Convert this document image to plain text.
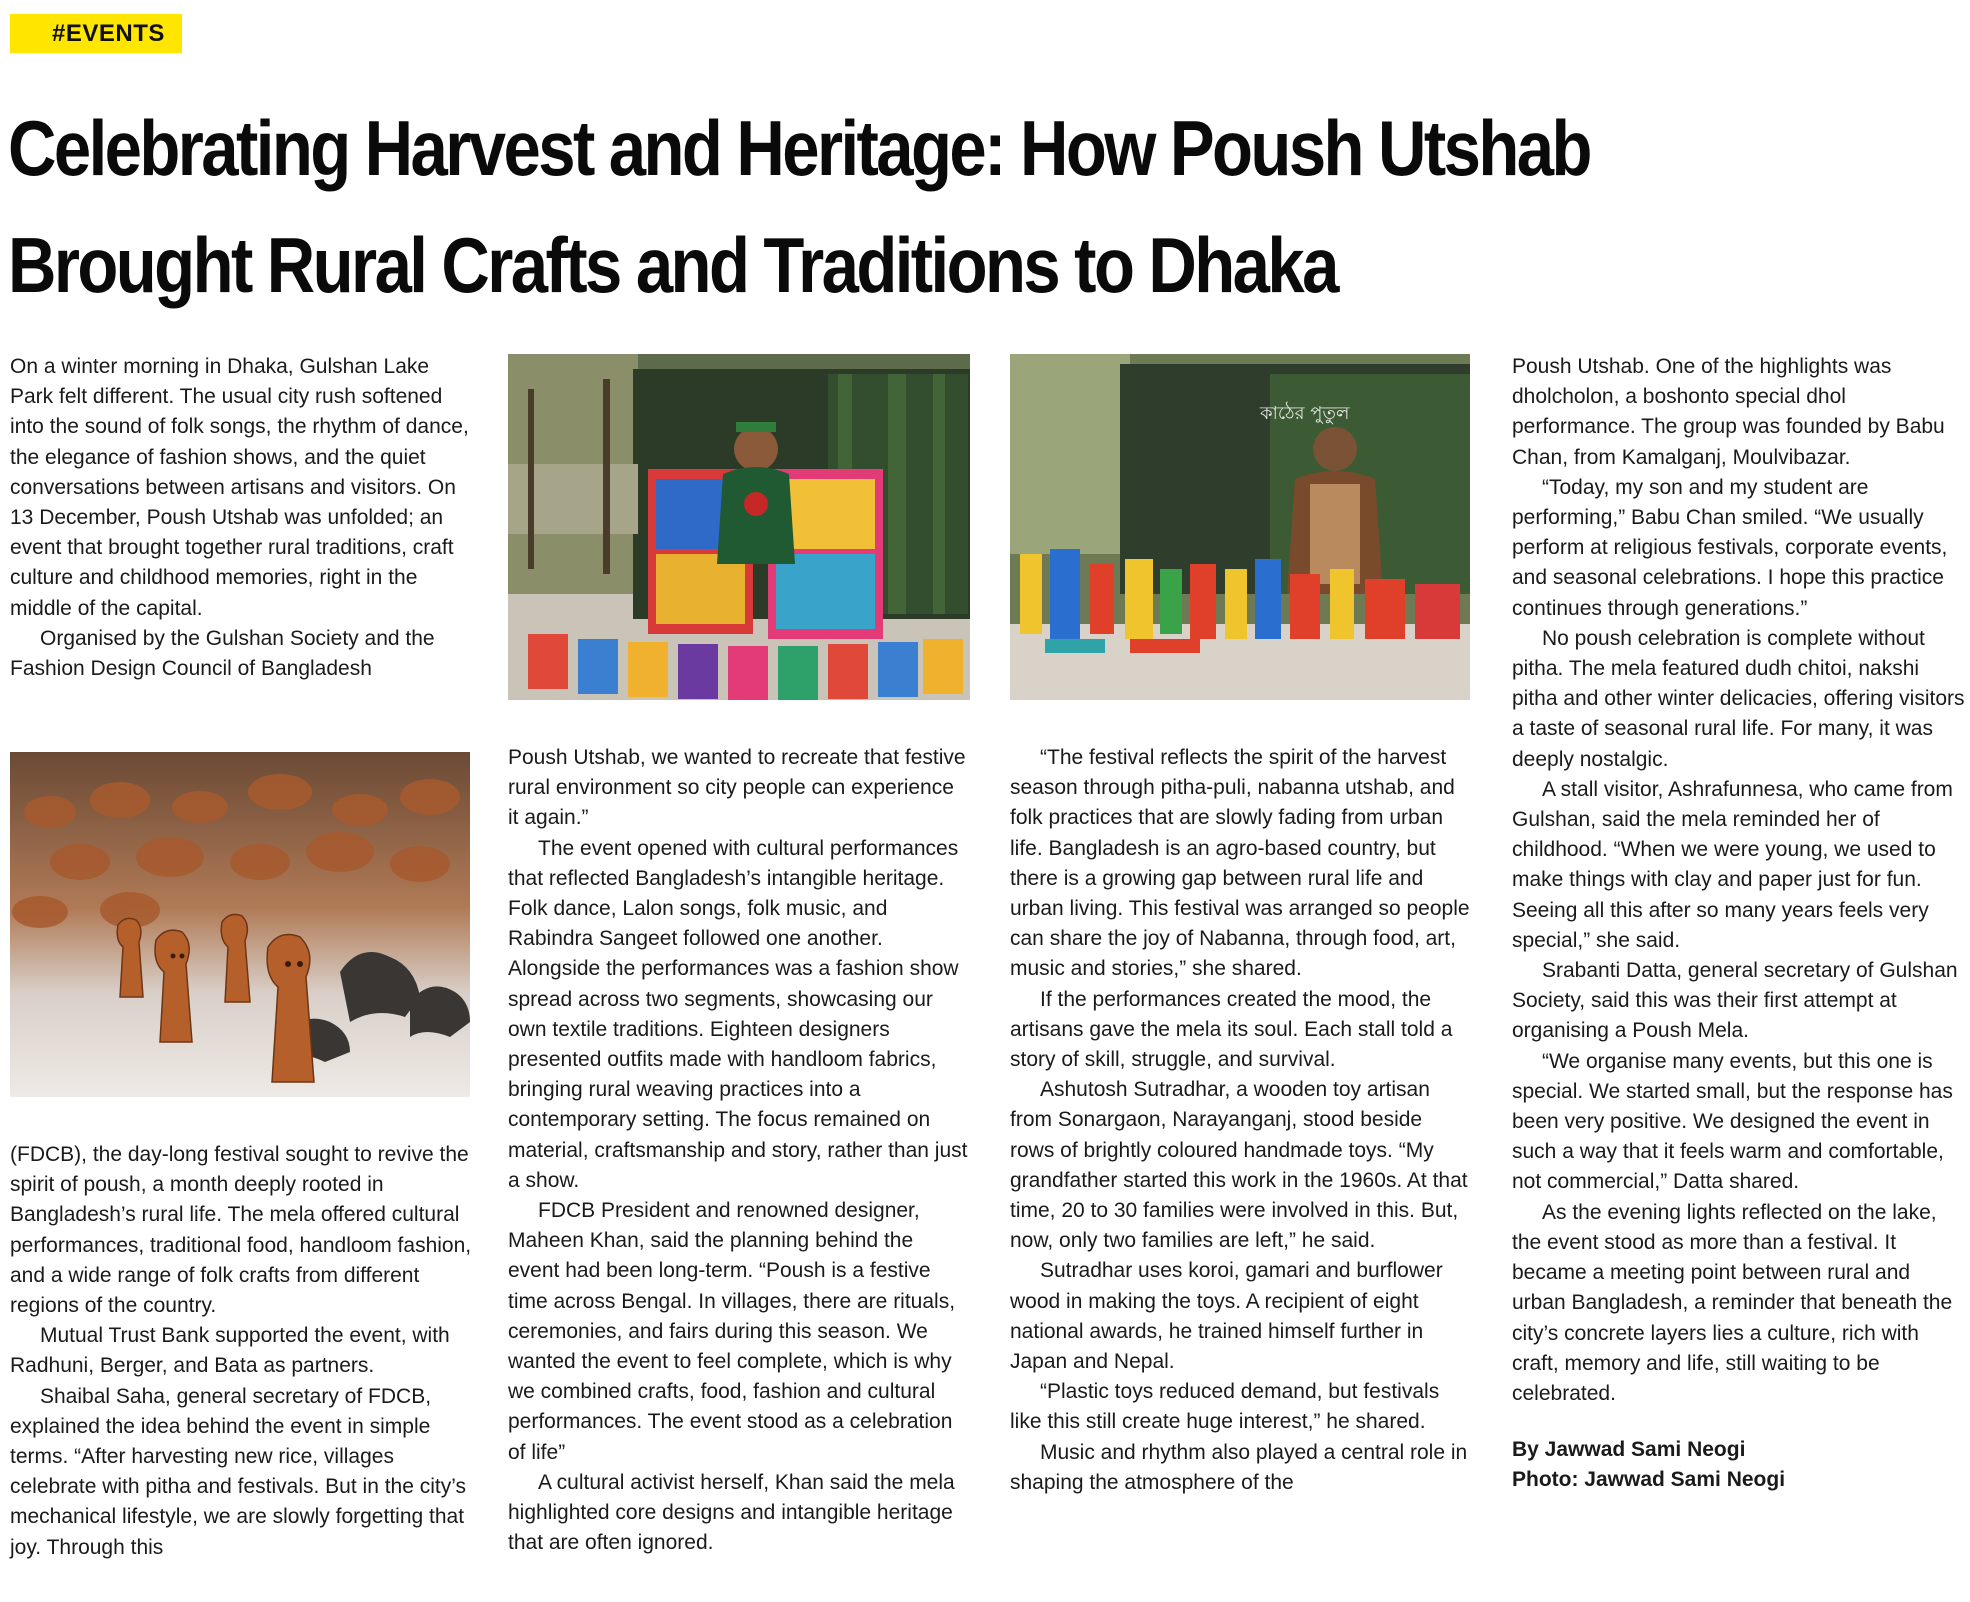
#EVENTS
Celebrating Harvest and Heritage: How Poush Utshab
Brought Rural Crafts and Traditions to Dhaka

On a winter morning in Dhaka, Gulshan Lake Park felt different. The usual city rush softened into the sound of folk songs, the rhythm of dance, the elegance of fashion shows, and the quiet conversations between artisans and visitors. On 13 December, Poush Utshab was unfolded; an event that brought together rural traditions, craft culture and childhood memories, right in the middle of the capital.

Organised by the Gulshan Society and the Fashion Design Council of Bangladesh

(FDCB), the day-long festival sought to revive the spirit of poush, a month deeply rooted in Bangladesh’s rural life. The mela offered cultural performances, traditional food, handloom fashion, and a wide range of folk crafts from different regions of the country.

Mutual Trust Bank supported the event, with Radhuni, Berger, and Bata as partners.

Shaibal Saha, general secretary of FDCB, explained the idea behind the event in simple terms. “After harvesting new rice, villages celebrate with pitha and festivals. But in the city’s mechanical lifestyle, we are slowly forgetting that joy. Through this

Poush Utshab, we wanted to recreate that festive rural environment so city people can experience it again.”

The event opened with cultural performances that reflected Bangladesh’s intangible heritage. Folk dance, Lalon songs, folk music, and Rabindra Sangeet followed one another. Alongside the performances was a fashion show spread across two segments, showcasing our own textile traditions. Eighteen designers presented outfits made with handloom fabrics, bringing rural weaving practices into a contemporary setting. The focus remained on material, craftsmanship and story, rather than just a show.

FDCB President and renowned designer, Maheen Khan, said the planning behind the event had been long-term. “Poush is a festive time across Bengal. In villages, there are rituals, ceremonies, and fairs during this season. We wanted the event to feel complete, which is why we combined crafts, food, fashion and cultural performances. The event stood as a celebration of life”

A cultural activist herself, Khan said the mela highlighted core designs and intangible heritage that are often ignored.

কাঠের পুতুল

“The festival reflects the spirit of the harvest season through pitha-puli, nabanna utshab, and folk practices that are slowly fading from urban life. Bangladesh is an agro-based country, but there is a growing gap between rural life and urban living. This festival was arranged so people can share the joy of Nabanna, through food, art, music and stories,” she shared.

If the performances created the mood, the artisans gave the mela its soul. Each stall told a story of skill, struggle, and survival.

Ashutosh Sutradhar, a wooden toy artisan from Sonargaon, Narayanganj, stood beside rows of brightly coloured handmade toys. “My grandfather started this work in the 1960s. At that time, 20 to 30 families were involved in this. But, now, only two families are left,” he said.

Sutradhar uses koroi, gamari and burflower wood in making the toys. A recipient of eight national awards, he trained himself further in Japan and Nepal.

“Plastic toys reduced demand, but festivals like this still create huge interest,” he shared.

Music and rhythm also played a central role in shaping the atmosphere of the

Poush Utshab. One of the highlights was dholcholon, a boshonto special dhol performance. The group was founded by Babu Chan, from Kamalganj, Moulvibazar.

“Today, my son and my student are performing,” Babu Chan smiled. “We usually perform at religious festivals, corporate events, and seasonal celebrations. I hope this practice continues through generations.”

No poush celebration is complete without pitha. The mela featured dudh chitoi, nakshi pitha and other winter delicacies, offering visitors a taste of seasonal rural life. For many, it was deeply nostalgic.

A stall visitor, Ashrafunnesa, who came from Gulshan, said the mela reminded her of childhood. “When we were young, we used to make things with clay and paper just for fun. Seeing all this after so many years feels very special,” she said.

Srabanti Datta, general secretary of Gulshan Society, said this was their first attempt at organising a Poush Mela.

“We organise many events, but this one is special. We started small, but the response has been very positive. We designed the event in such a way that it feels warm and comfortable, not commercial,” Datta shared.

As the evening lights reflected on the lake, the event stood as more than a festival. It became a meeting point between rural and urban Bangladesh, a reminder that beneath the city’s concrete layers lies a culture, rich with craft, memory and life, still waiting to be celebrated.

By Jawwad Sami Neogi

Photo: Jawwad Sami Neogi
